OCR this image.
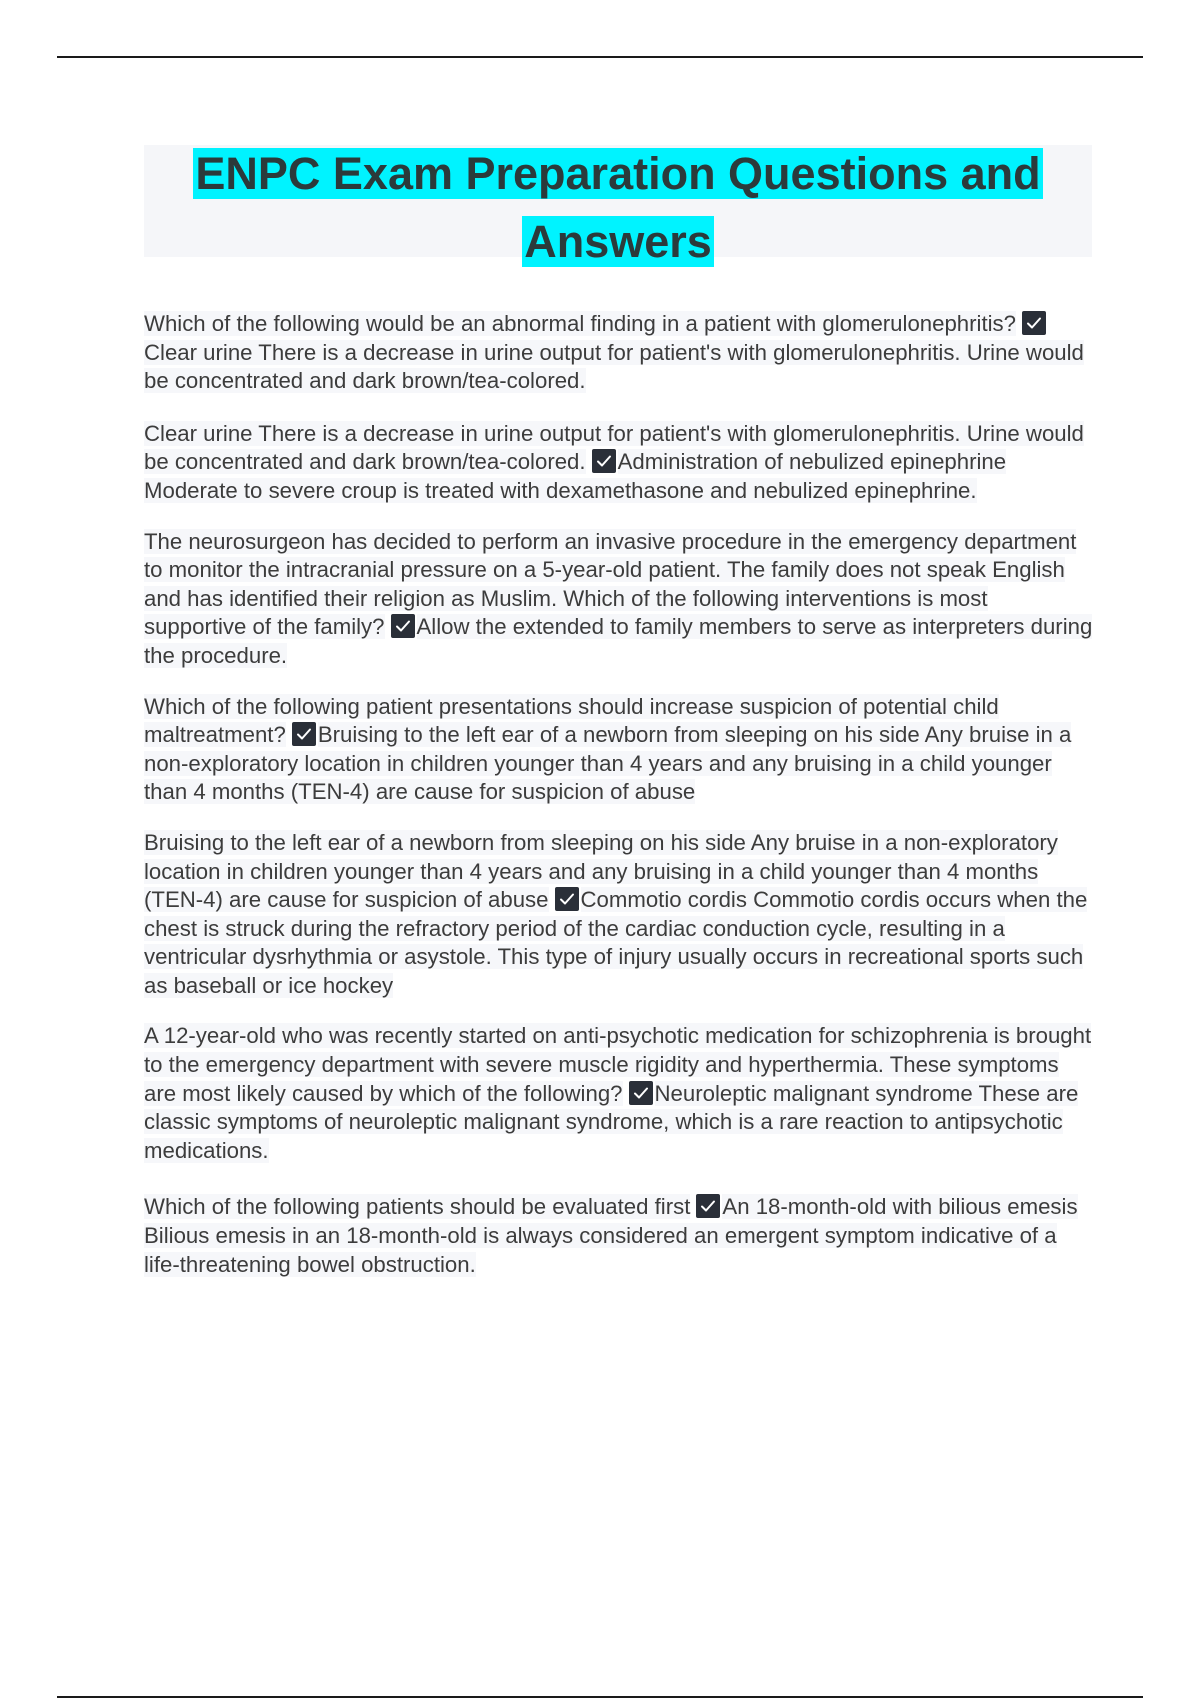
ENPC Exam Preparation Questions and Answers

Which of the following would be an abnormal finding in a patient with glomerulonephritis?
Clear urine There is a decrease in urine output for patient's with glomerulonephritis. Urine would be concentrated and dark brown/tea-colored.

Clear urine There is a decrease in urine output for patient's with glomerulonephritis. Urine would be concentrated and dark brown/tea-colored. Administration of nebulized epinephrine Moderate to severe croup is treated with dexamethasone and nebulized epinephrine.

The neurosurgeon has decided to perform an invasive procedure in the emergency department to monitor the intracranial pressure on a 5-year-old patient. The family does not speak English and has identified their religion as Muslim. Which of the following interventions is most supportive of the family? Allow the extended to family members to serve as interpreters during the procedure.

Which of the following patient presentations should increase suspicion of potential child maltreatment? Bruising to the left ear of a newborn from sleeping on his side Any bruise in a non-exploratory location in children younger than 4 years and any bruising in a child younger than 4 months (TEN-4) are cause for suspicion of abuse

Bruising to the left ear of a newborn from sleeping on his side Any bruise in a non-exploratory location in children younger than 4 years and any bruising in a child younger than 4 months (TEN-4) are cause for suspicion of abuse Commotio cordis Commotio cordis occurs when the chest is struck during the refractory period of the cardiac conduction cycle, resulting in a ventricular dysrhythmia or asystole. This type of injury usually occurs in recreational sports such as baseball or ice hockey

A 12-year-old who was recently started on anti-psychotic medication for schizophrenia is brought to the emergency department with severe muscle rigidity and hyperthermia. These symptoms are most likely caused by which of the following? Neuroleptic malignant syndrome These are classic symptoms of neuroleptic malignant syndrome, which is a rare reaction to antipsychotic medications.

Which of the following patients should be evaluated first An 18-month-old with bilious emesis Bilious emesis in an 18-month-old is always considered an emergent symptom indicative of a life-threatening bowel obstruction.
